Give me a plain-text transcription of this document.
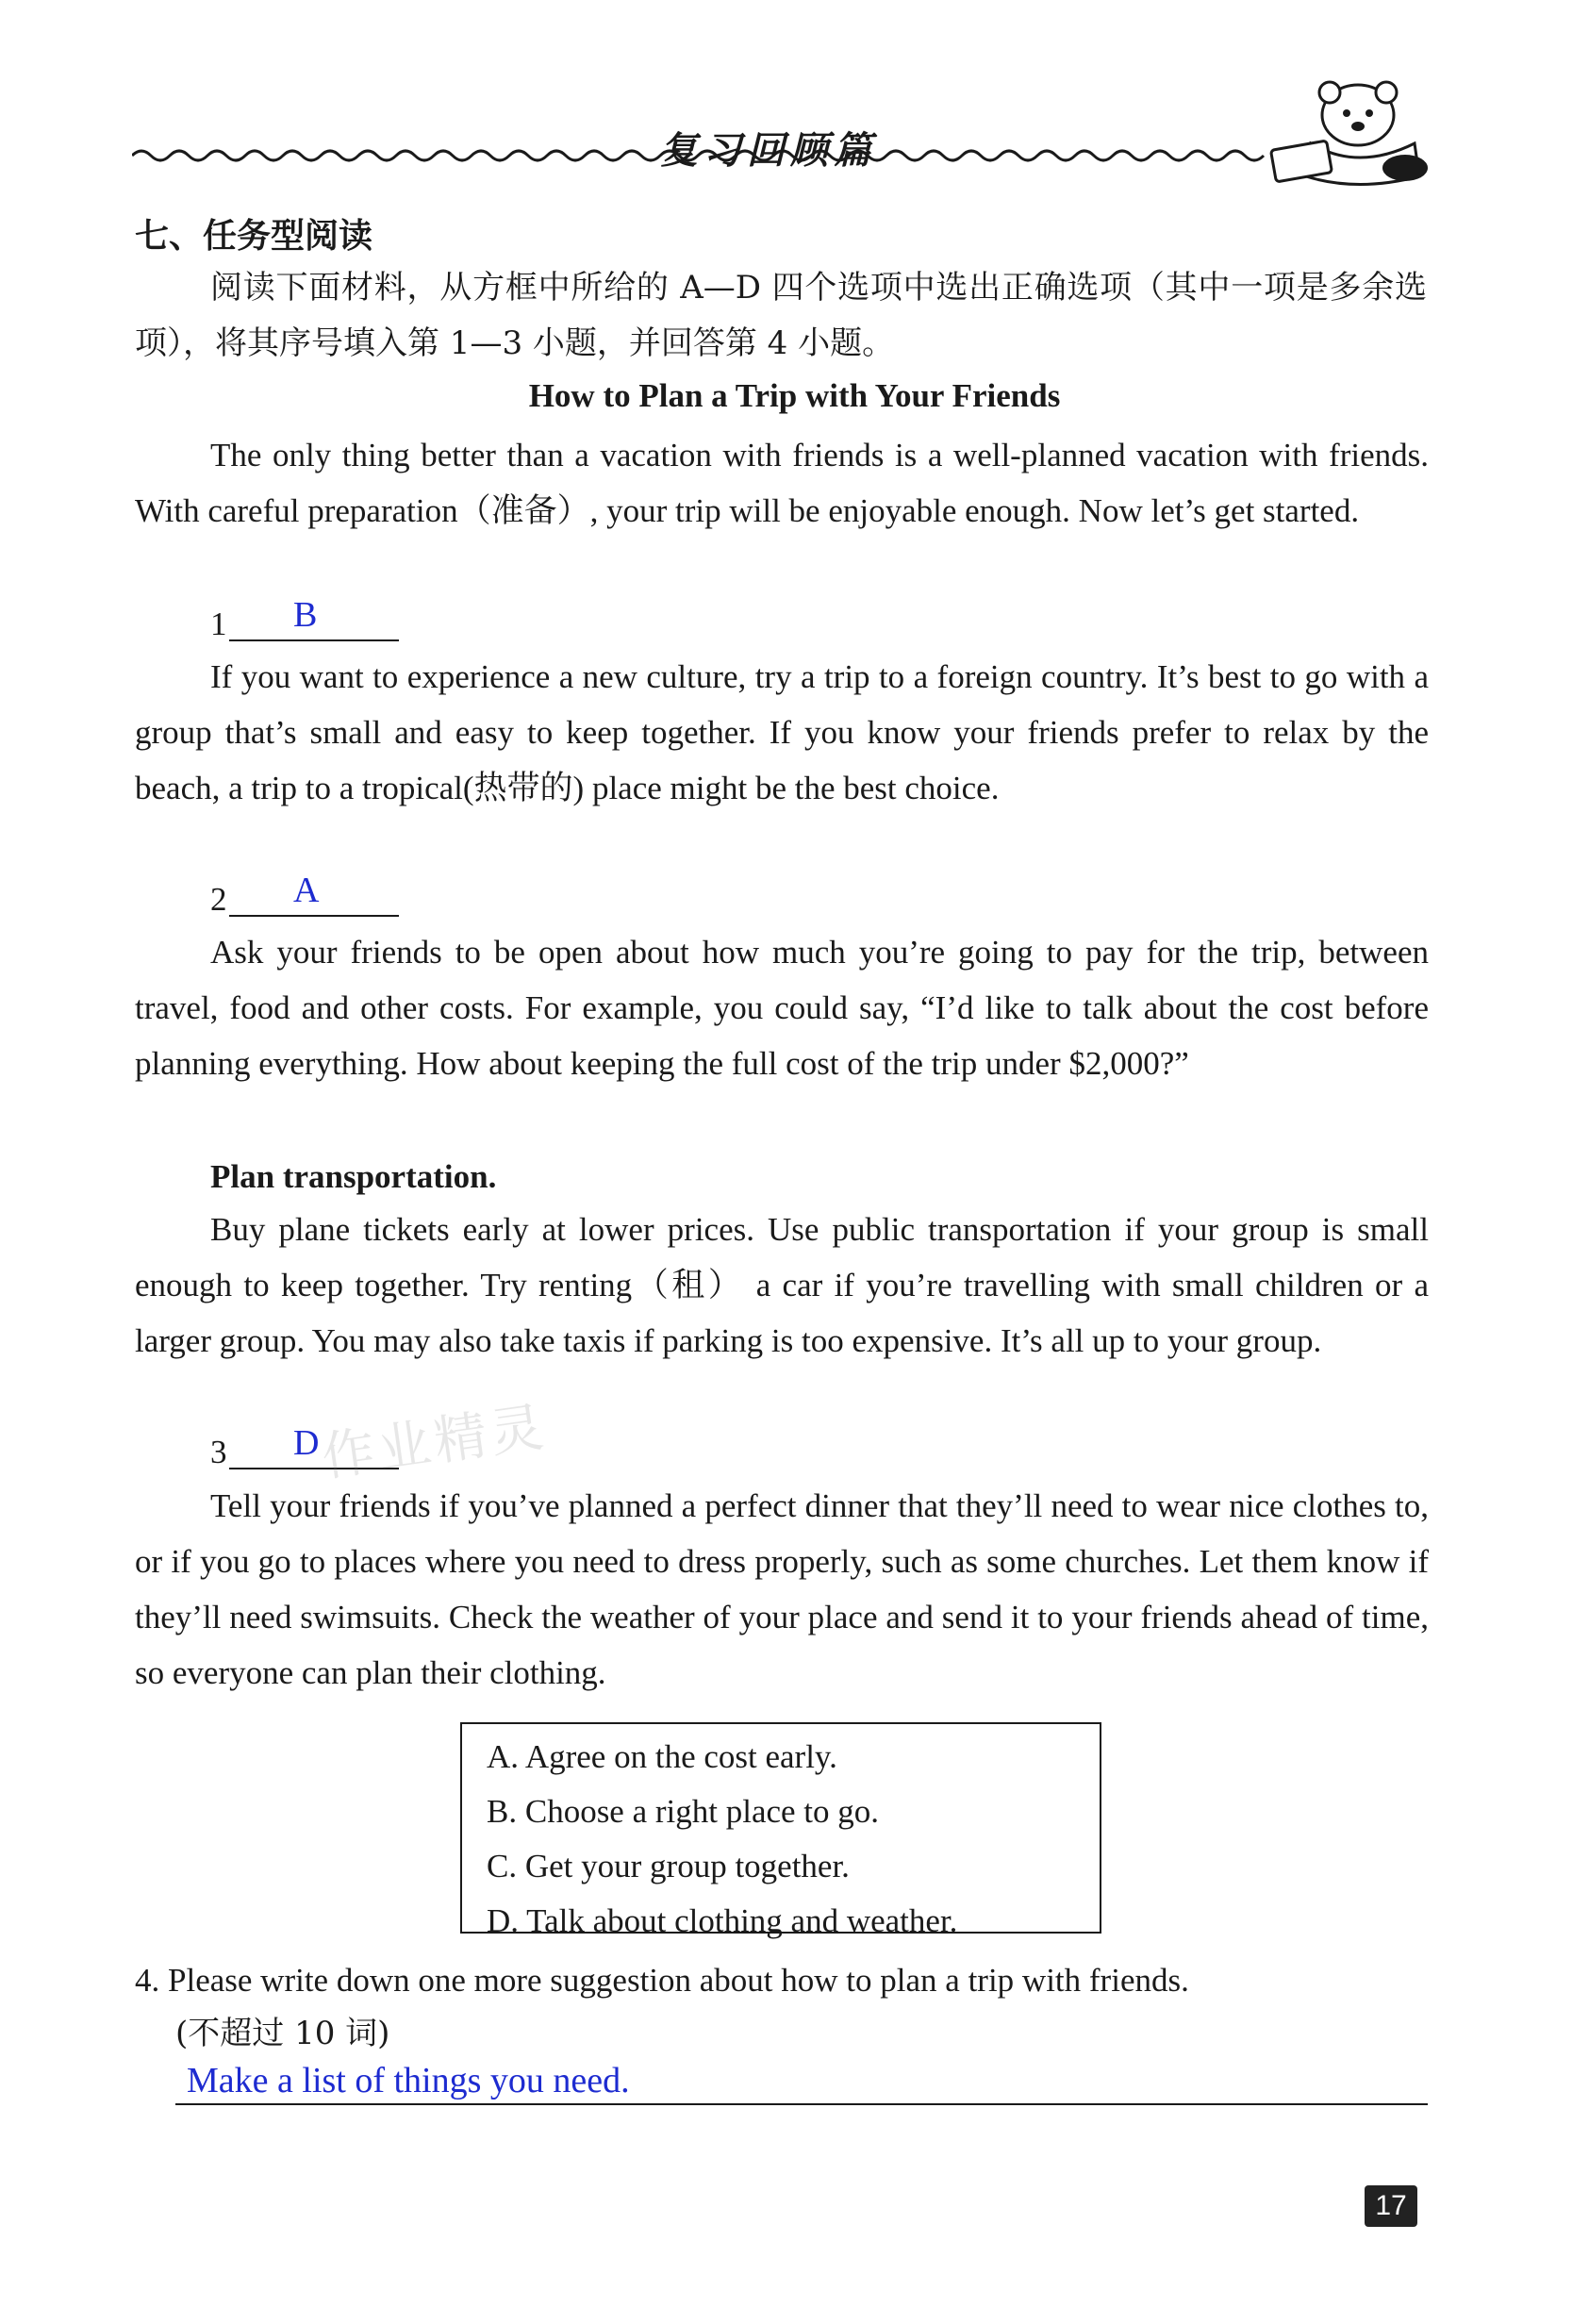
复习回顾篇
七、任务型阅读
阅读下面材料，从方框中所给的 A—D 四个选项中选出正确选项（其中一项是多余选项），将其序号填入第 1—3 小题，并回答第 4 小题。
How to Plan a Trip with Your Friends
The only thing better than a vacation with friends is a well-planned vacation with friends. With careful preparation（准备）, your trip will be enjoyable enough. Now let’s get started.
1 B
If you want to experience a new culture, try a trip to a foreign country. It’s best to go with a group that’s small and easy to keep together. If you know your friends prefer to relax by the beach, a trip to a tropical(热带的) place might be the best choice.
2 A
Ask your friends to be open about how much you’re going to pay for the trip, between travel, food and other costs. For example, you could say, “I’d like to talk about the cost before planning everything. How about keeping the full cost of the trip under $2,000?”
Plan transportation.
Buy plane tickets early at lower prices. Use public transportation if your group is small enough to keep together. Try renting（租） a car if you’re travelling with small children or a larger group. You may also take taxis if parking is too expensive. It’s all up to your group.
3 D
作业精灵
Tell your friends if you’ve planned a perfect dinner that they’ll need to wear nice clothes to, or if you go to places where you need to dress properly, such as some churches. Let them know if they’ll need swimsuits. Check the weather of your place and send it to your friends ahead of time, so everyone can plan their clothing.
A. Agree on the cost early.
B. Choose a right place to go.
C. Get your group together.
D. Talk about clothing and weather.
4. Please write down one more suggestion about how to plan a trip with friends.
(不超过 10 词)
Make a list of things you need.
17
